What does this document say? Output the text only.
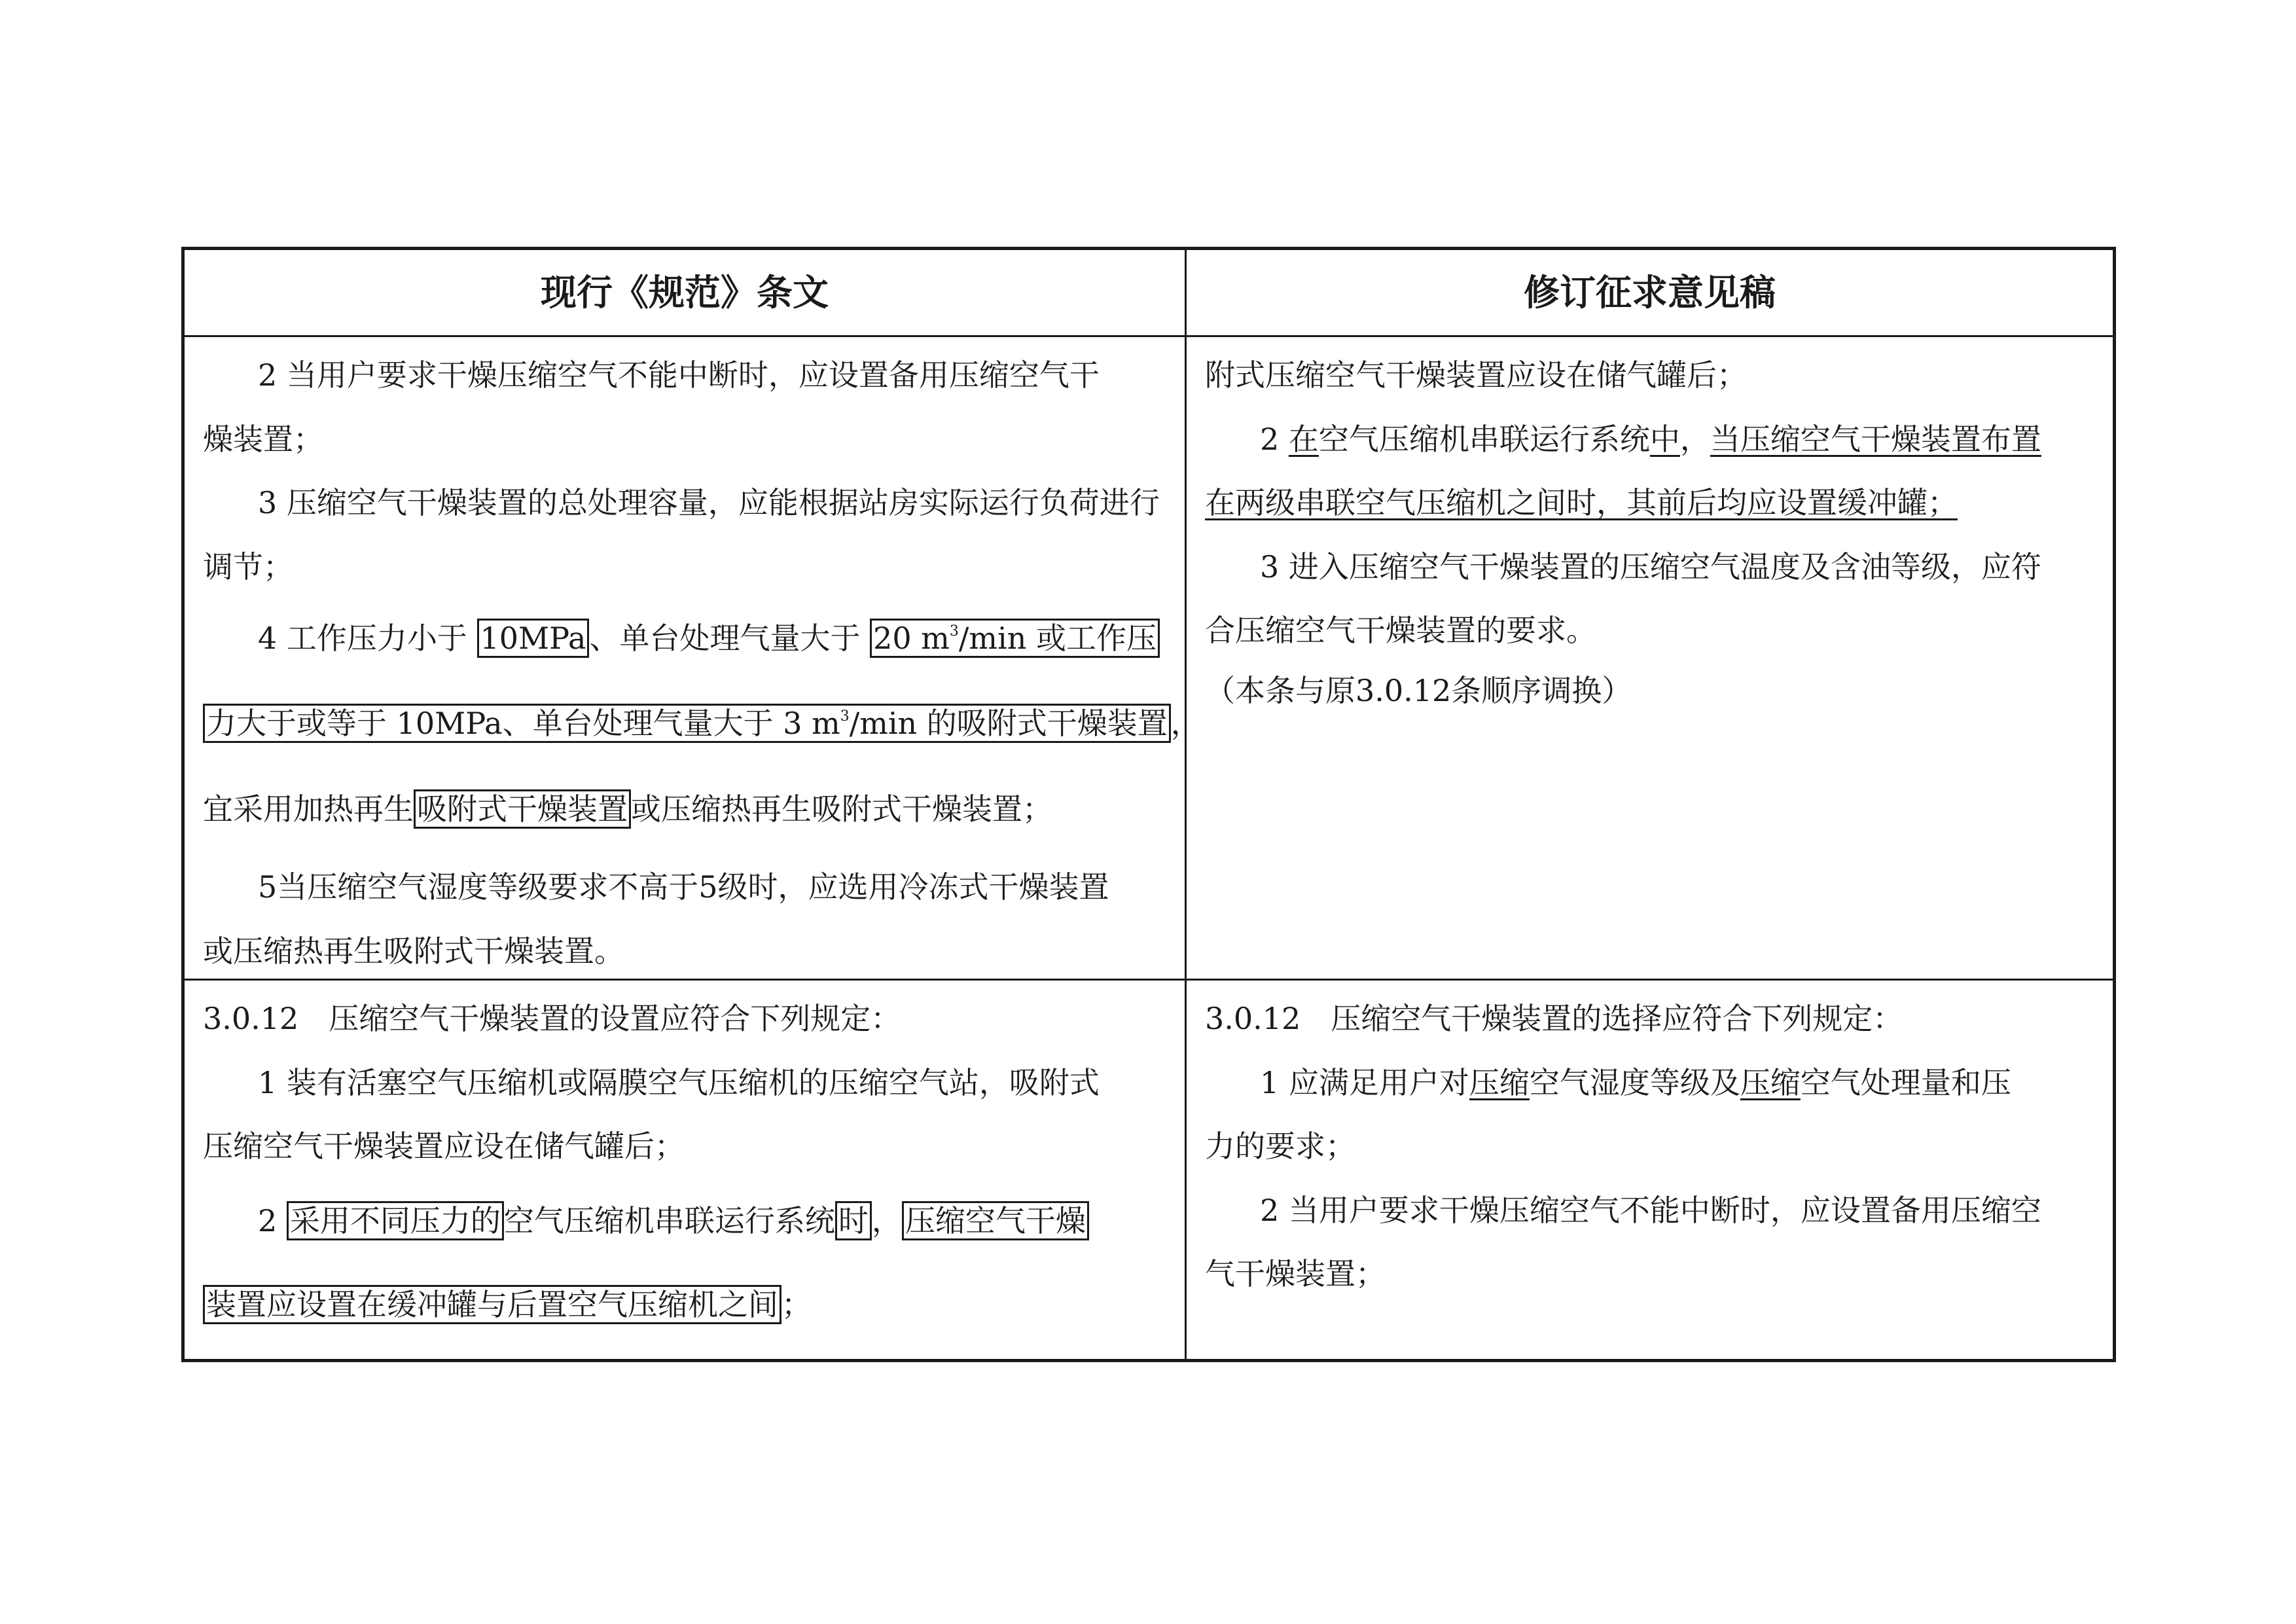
现行《规范》条文	修订征求意见稿
2 当用户要求干燥压缩空气不能中断时，应设置备用压缩空气干
燥装置；
3 压缩空气干燥装置的总处理容量，应能根据站房实际运行负荷进行
调节；
4 工作压力小于 10MPa 、单台处理气量大于 20 $m^3/\min$ 或工作压
力大于或等于 10MPa、单台处理气量大于 3 $m^3/\min$ 的吸附式干燥装置 ，
宜采用加热再生 吸附式干燥装置 或压缩热再生吸附式干燥装置；
5当压缩空气湿度等级要求不高于5级时，应选用冷冻式干燥装置
或压缩热再生吸附式干燥装置。
附式压缩空气干燥装置应设在储气罐后；
2 在空气压缩机串联运行系统中，当压缩空气干燥装置布置
在两级串联空气压缩机之间时，其前后均应设置缓冲罐；
3 进入压缩空气干燥装置的压缩空气温度及含油等级，应符
合压缩空气干燥装置的要求。
（本条与原3.0.12条顺序调换）
3.0.12　压缩空气干燥装置的设置应符合下列规定：
1 装有活塞空气压缩机或隔膜空气压缩机的压缩空气站，吸附式
压缩空气干燥装置应设在储气罐后；
2 采用不同压力的 空气压缩机串联运行系统 时 ， 压缩空气干燥
装置应设置在缓冲罐与后置空气压缩机之间 ；
3.0.12　压缩空气干燥装置的选择应符合下列规定：
1 应满足用户对压缩空气湿度等级及压缩空气处理量和压
力的要求；
2 当用户要求干燥压缩空气不能中断时，应设置备用压缩空
气干燥装置；
